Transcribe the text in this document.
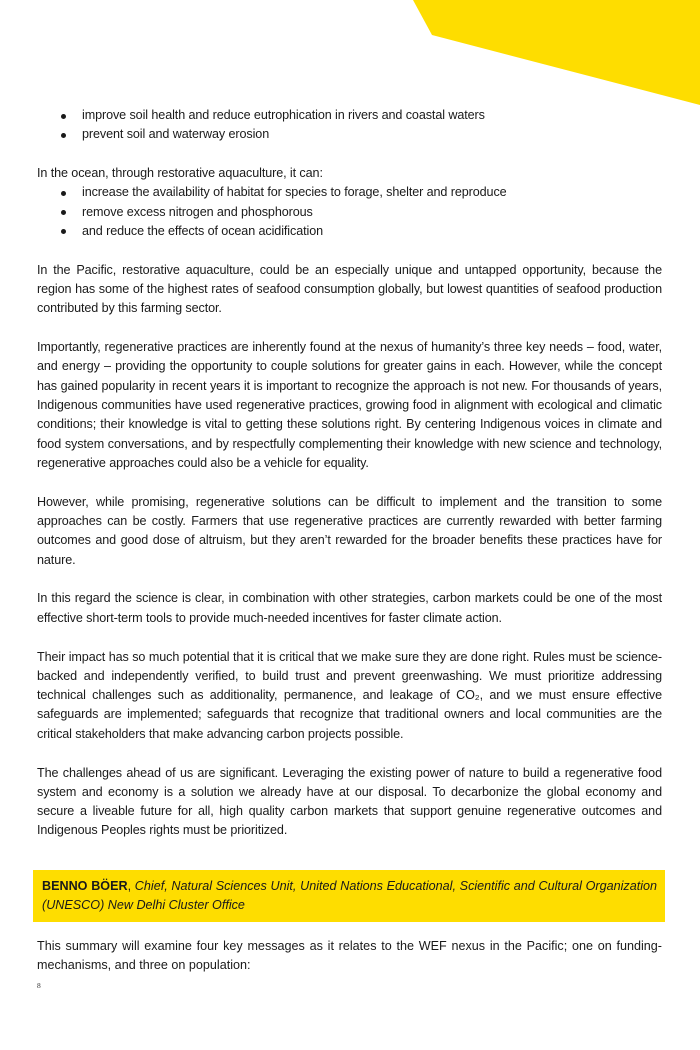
improve soil health and reduce eutrophication in rivers and coastal waters
prevent soil and waterway erosion

In the ocean, through restorative aquaculture, it can:

increase the availability of habitat for species to forage, shelter and reproduce
remove excess nitrogen and phosphorous
and reduce the effects of ocean acidification

In the Pacific, restorative aquaculture, could be an especially unique and untapped opportunity, because the region has some of the highest rates of seafood consumption globally, but lowest quantities of seafood production contributed by this farming sector.

Importantly, regenerative practices are inherently found at the nexus of humanity’s three key needs – food, water, and energy – providing the opportunity to couple solutions for greater gains in each. However, while the concept has gained popularity in recent years it is important to recognize the approach is not new. For thousands of years, Indigenous communities have used regenerative practices, growing food in alignment with ecological and climatic conditions; their knowledge is vital to getting these solutions right. By centering Indigenous voices in climate and food system conversations, and by respectfully complementing their knowledge with new science and technology, regenerative approaches could also be a vehicle for equality.

However, while promising, regenerative solutions can be difficult to implement and the transition to some approaches can be costly. Farmers that use regenerative practices are currently rewarded with better farming outcomes and good dose of altruism, but they aren’t rewarded for the broader benefits these practices have for nature.

In this regard the science is clear, in combination with other strategies, carbon markets could be one of the most effective short-term tools to provide much-needed incentives for faster climate action.

Their impact has so much potential that it is critical that we make sure they are done right. Rules must be science-backed and independently verified, to build trust and prevent greenwashing. We must prioritize addressing technical challenges such as additionality, permanence, and leakage of CO₂, and we must ensure effective safeguards are implemented; safeguards that recognize that traditional owners and local communities are the critical stakeholders that make advancing carbon projects possible.

The challenges ahead of us are significant. Leveraging the existing power of nature to build a regenerative food system and economy is a solution we already have at our disposal. To decarbonize the global economy and secure a liveable future for all, high quality carbon markets that support genuine regenerative outcomes and Indigenous Peoples rights must be prioritized.

BENNO BÖER, Chief, Natural Sciences Unit, United Nations Educational, Scientific and Cultural Organization (UNESCO) New Delhi Cluster Office

This summary will examine four key messages as it relates to the WEF nexus in the Pacific; one on funding-mechanisms, and three on population:

8
